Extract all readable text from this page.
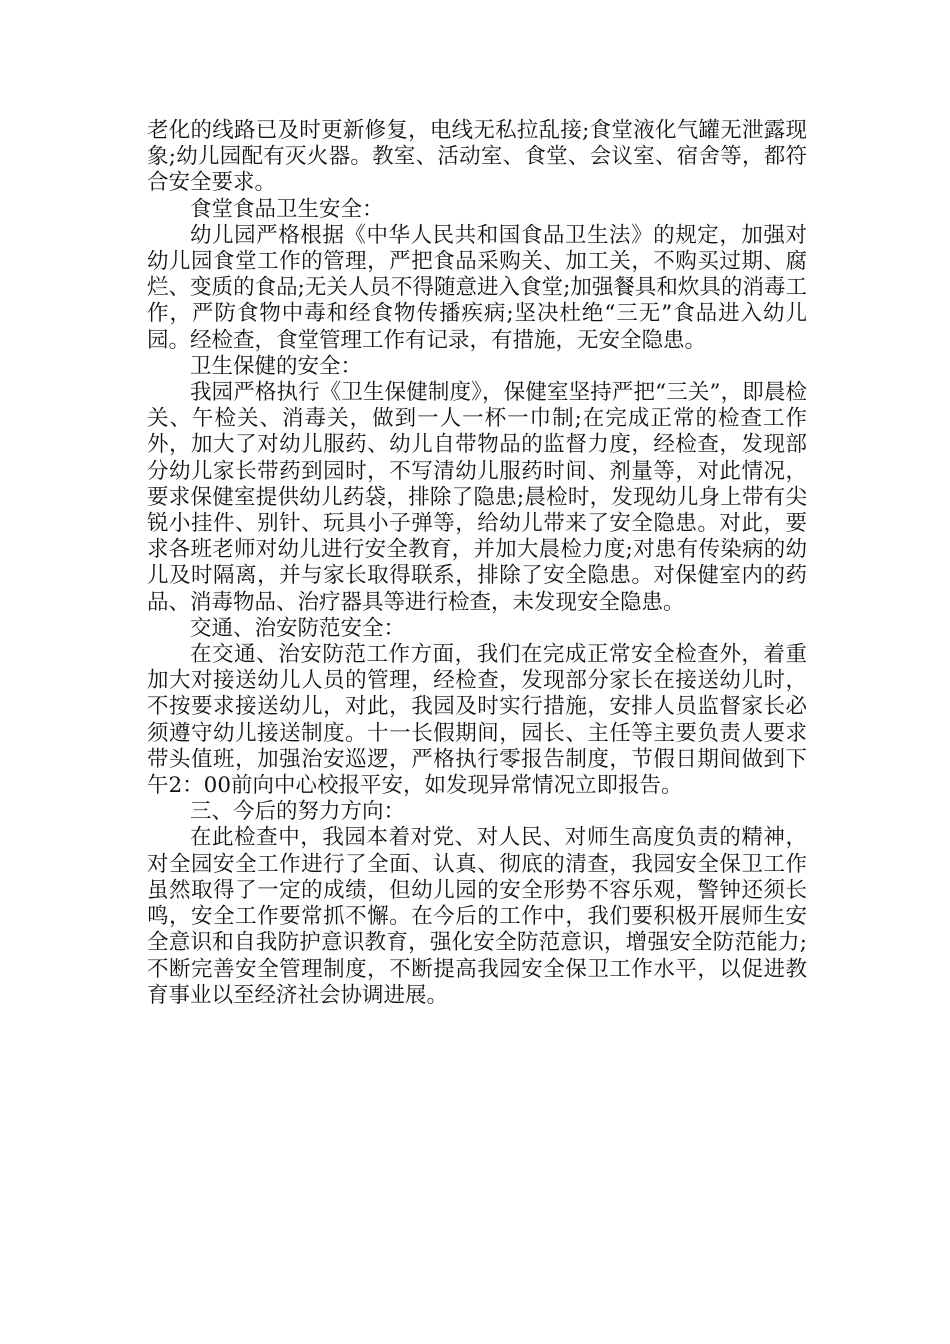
老化的线路已及时更新修复，电线无私拉乱接;食堂液化气罐无泄露现象;幼儿园配有灭火器。教室、活动室、食堂、会议室、宿舍等，都符合安全要求。

食堂食品卫生安全：

幼儿园严格根据《中华人民共和国食品卫生法》的规定，加强对幼儿园食堂工作的管理，严把食品采购关、加工关，不购买过期、腐烂、变质的食品;无关人员不得随意进入食堂;加强餐具和炊具的消毒工作，严防食物中毒和经食物传播疾病;坚决杜绝“三无”食品进入幼儿园。经检查，食堂管理工作有记录，有措施，无安全隐患。

卫生保健的安全：

我园严格执行《卫生保健制度》，保健室坚持严把“三关”，即晨检关、午检关、消毒关，做到一人一杯一巾制;在完成正常的检查工作外，加大了对幼儿服药、幼儿自带物品的监督力度，经检查，发现部分幼儿家长带药到园时，不写清幼儿服药时间、剂量等，对此情况，要求保健室提供幼儿药袋，排除了隐患;晨检时，发现幼儿身上带有尖锐小挂件、别针、玩具小子弹等，给幼儿带来了安全隐患。对此，要求各班老师对幼儿进行安全教育，并加大晨检力度;对患有传染病的幼儿及时隔离，并与家长取得联系，排除了安全隐患。对保健室内的药品、消毒物品、治疗器具等进行检查，未发现安全隐患。

交通、治安防范安全：

在交通、治安防范工作方面，我们在完成正常安全检查外，着重加大对接送幼儿人员的管理，经检查，发现部分家长在接送幼儿时，不按要求接送幼儿，对此，我园及时实行措施，安排人员监督家长必须遵守幼儿接送制度。十一长假期间，园长、主任等主要负责人要求带头值班，加强治安巡逻，严格执行零报告制度，节假日期间做到下午2：00前向中心校报平安，如发现异常情况立即报告。

三、今后的努力方向：

在此检查中，我园本着对党、对人民、对师生高度负责的精神，对全园安全工作进行了全面、认真、彻底的清查，我园安全保卫工作虽然取得了一定的成绩，但幼儿园的安全形势不容乐观，警钟还须长鸣，安全工作要常抓不懈。在今后的工作中，我们要积极开展师生安全意识和自我防护意识教育，强化安全防范意识，增强安全防范能力;不断完善安全管理制度，不断提高我园安全保卫工作水平，以促进教育事业以至经济社会协调进展。
